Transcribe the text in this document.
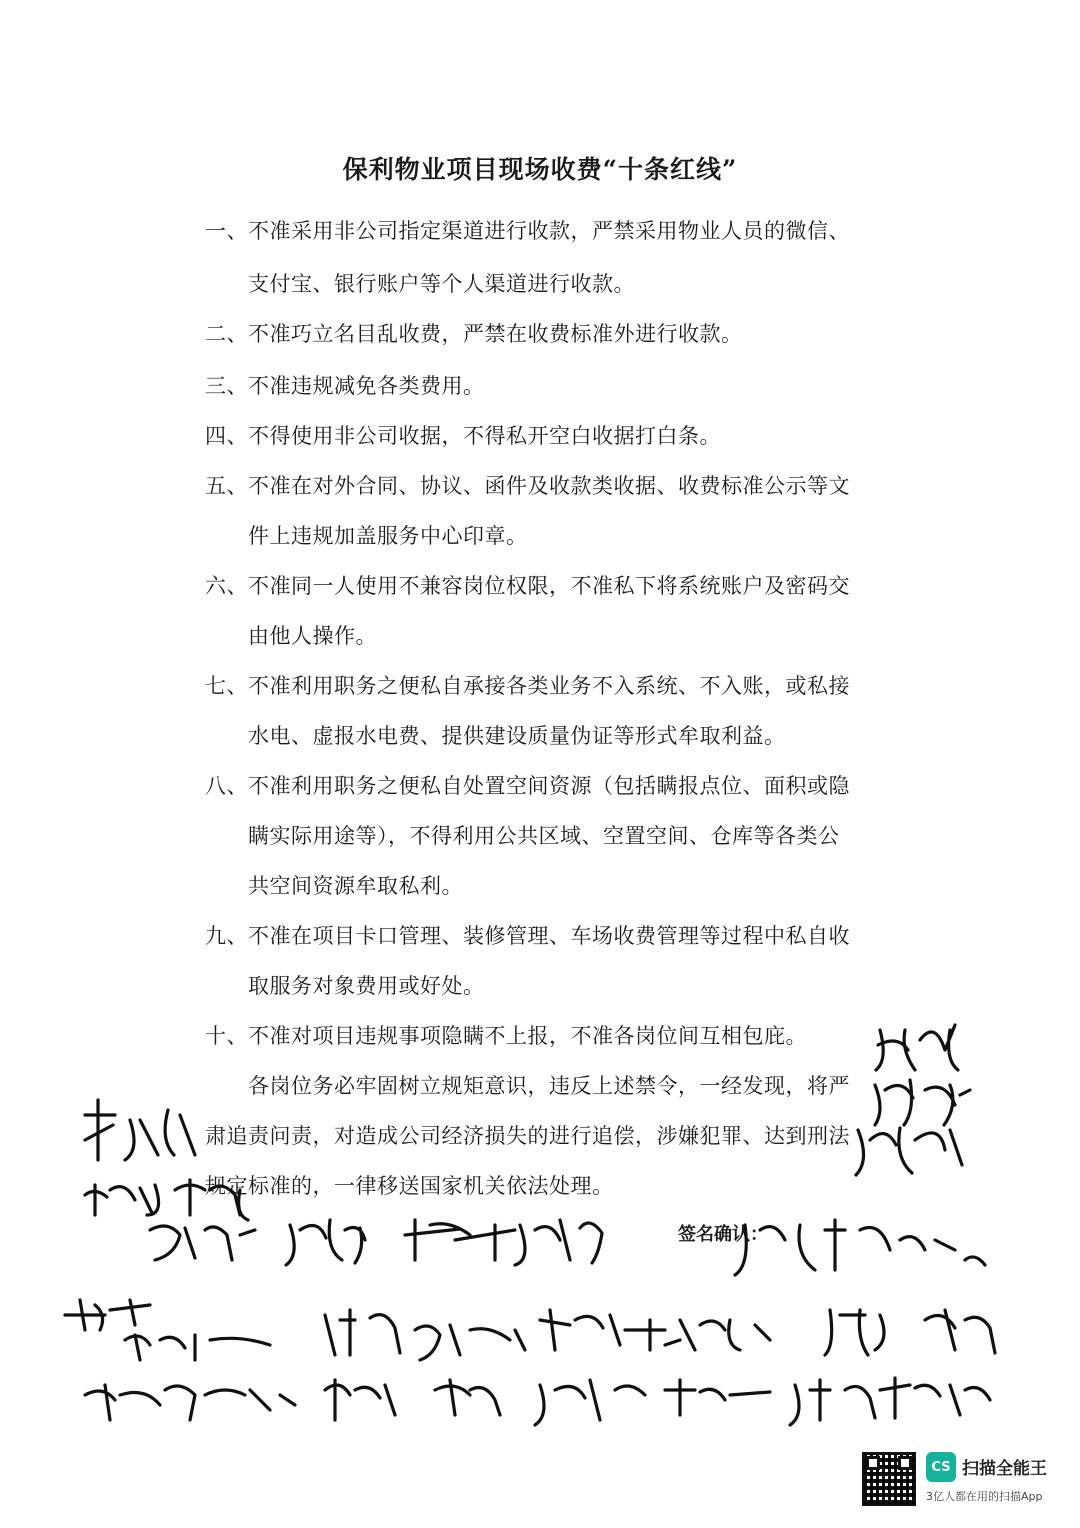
保利物业项目现场收费“十条红线”
一、不准采用非公司指定渠道进行收款，严禁采用物业人员的微信、
支付宝、银行账户等个人渠道进行收款。
二、不准巧立名目乱收费，严禁在收费标准外进行收款。
三、不准违规减免各类费用。
四、不得使用非公司收据，不得私开空白收据打白条。
五、不准在对外合同、协议、函件及收款类收据、收费标准公示等文
件上违规加盖服务中心印章。
六、不准同一人使用不兼容岗位权限，不准私下将系统账户及密码交
由他人操作。
七、不准利用职务之便私自承接各类业务不入系统、不入账，或私接
水电、虚报水电费、提供建设质量伪证等形式牟取利益。
八、不准利用职务之便私自处置空间资源（包括瞒报点位、面积或隐
瞒实际用途等），不得利用公共区域、空置空间、仓库等各类公
共空间资源牟取私利。
九、不准在项目卡口管理、装修管理、车场收费管理等过程中私自收
取服务对象费用或好处。
十、不准对项目违规事项隐瞒不上报，不准各岗位间互相包庇。
各岗位务必牢固树立规矩意识，违反上述禁令，一经发现，将严
肃追责问责，对造成公司经济损失的进行追偿，涉嫌犯罪、达到刑法
规定标准的，一律移送国家机关依法处理。
签名确认：
CS 扫描全能王
3亿人都在用的扫描App
